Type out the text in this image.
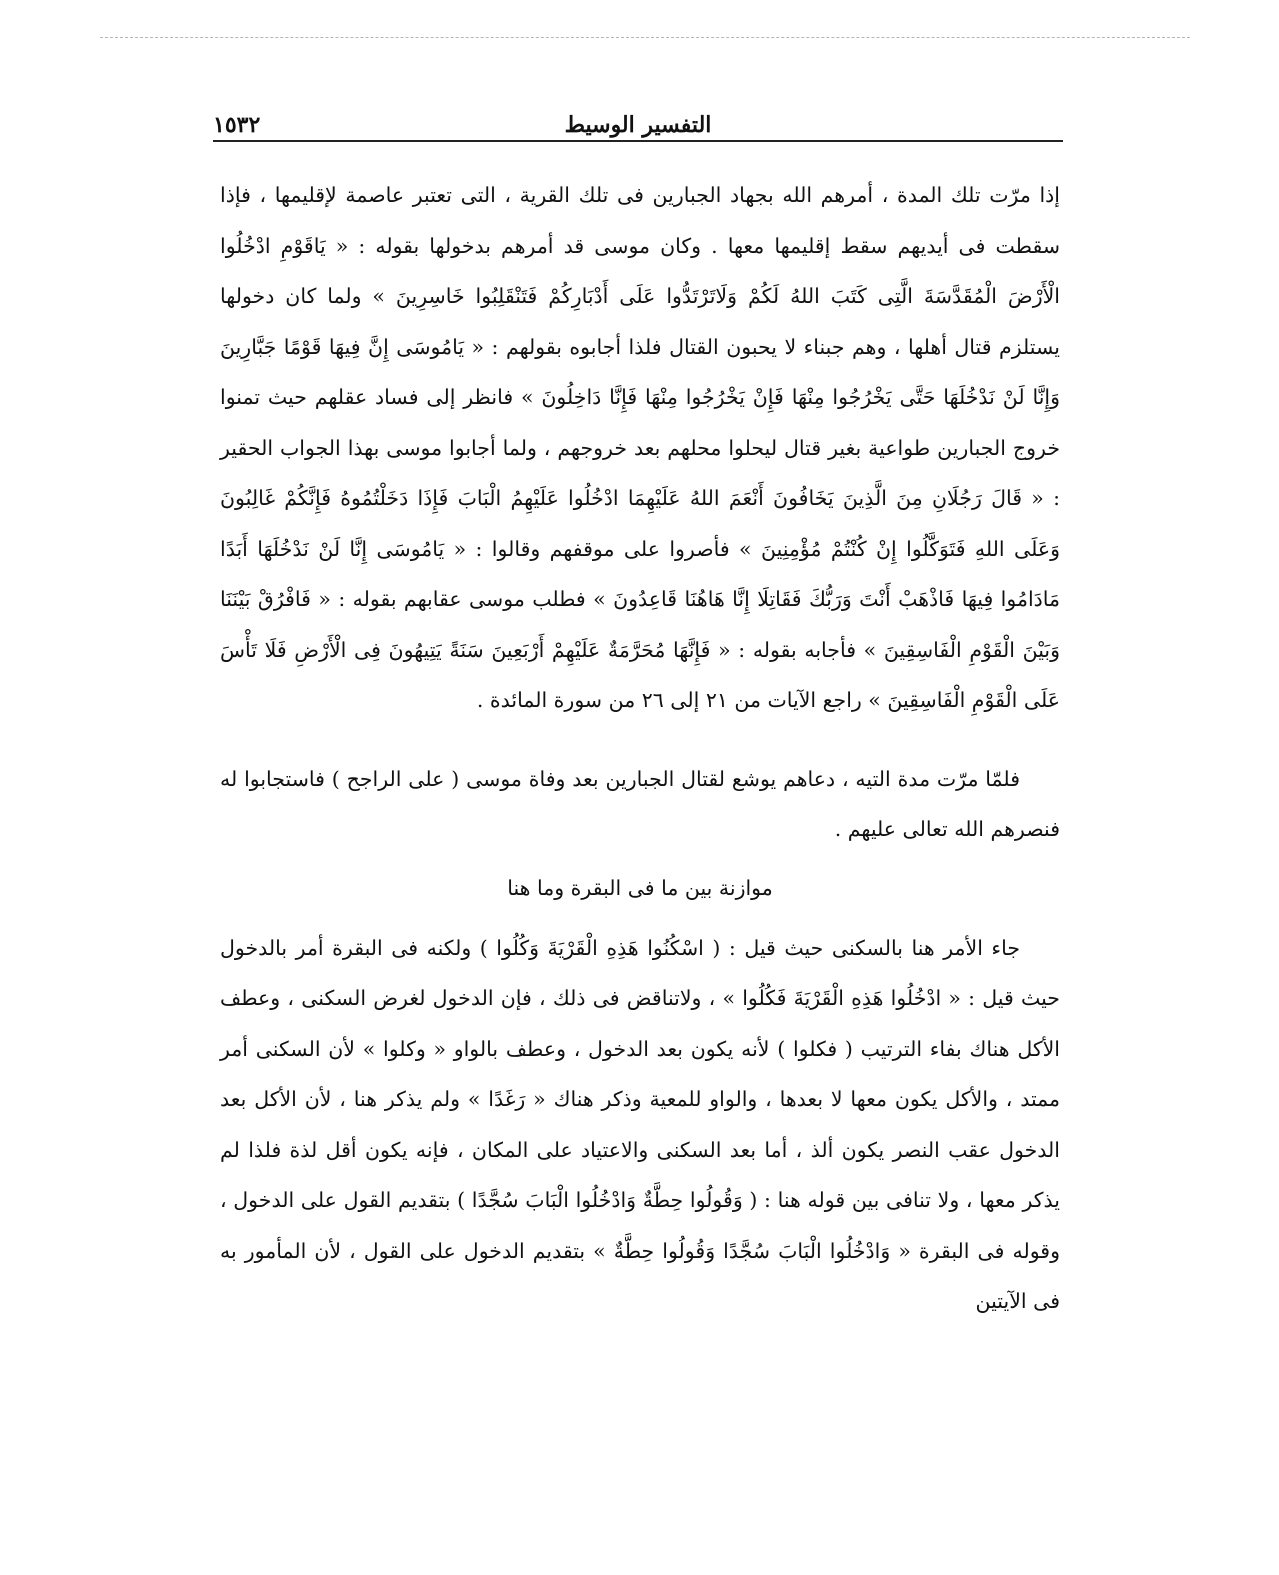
١٥٣٢	التفسير الوسيط

إذا مرّت تلك المدة ، أمرهم الله بجهاد الجبارين فى تلك القرية ، التى تعتبر عاصمة لإقليمها ، فإذا سقطت فى أيديهم سقط إقليمها معها . وكان موسى قد أمرهم بدخولها بقوله : « يَاقَوْمِ ادْخُلُوا الْأَرْضَ الْمُقَدَّسَةَ الَّتِى كَتَبَ اللهُ لَكُمْ وَلَاتَرْتَدُّوا عَلَى أَدْبَارِكُمْ فَتَنْقَلِبُوا خَاسِرِينَ » ولما كان دخولها يستلزم قتال أهلها ، وهم جبناء لا يحبون القتال فلذا أجابوه بقولهم : « يَامُوسَى إِنَّ فِيهَا قَوْمًا جَبَّارِينَ وَإِنَّا لَنْ نَدْخُلَهَا حَتَّى يَخْرُجُوا مِنْهَا فَإِنْ يَخْرُجُوا مِنْهَا فَإِنَّا دَاخِلُونَ » فانظر إلى فساد عقلهم حيث تمنوا خروج الجبارين طواعية بغير قتال ليحلوا محلهم بعد خروجهم ، ولما أجابوا موسى بهذا الجواب الحقير : « قَالَ رَجُلَانِ مِنَ الَّذِينَ يَخَافُونَ أَنْعَمَ اللهُ عَلَيْهِمَا ادْخُلُوا عَلَيْهِمُ الْبَابَ فَإِذَا دَخَلْتُمُوهُ فَإِنَّكُمْ غَالِبُونَ وَعَلَى اللهِ فَتَوَكَّلُوا إِنْ كُنْتُمْ مُؤْمِنِينَ » فأصروا على موقفهم وقالوا : « يَامُوسَى إِنَّا لَنْ نَدْخُلَهَا أَبَدًا مَادَامُوا فِيهَا فَاذْهَبْ أَنْتَ وَرَبُّكَ فَقَاتِلَا إِنَّا هَاهُنَا قَاعِدُونَ » فطلب موسى عقابهم بقوله : « فَافْرُقْ بَيْنَنَا وَبَيْنَ الْقَوْمِ الْفَاسِقِينَ » فأجابه بقوله : « فَإِنَّهَا مُحَرَّمَةٌ عَلَيْهِمْ أَرْبَعِينَ سَنَةً يَتِيهُونَ فِى الْأَرْضِ فَلَا تَأْسَ عَلَى الْقَوْمِ الْفَاسِقِينَ » راجع الآيات من ٢١ إلى ٢٦ من سورة المائدة .

فلمّا مرّت مدة التيه ، دعاهم يوشع لقتال الجبارين بعد وفاة موسى ( على الراجح ) فاستجابوا له فنصرهم الله تعالى عليهم .

موازنة بين ما فى البقرة وما هنا

جاء الأمر هنا بالسكنى حيث قيل : ( اسْكُنُوا هَذِهِ الْقَرْيَةَ وَكُلُوا ) ولكنه فى البقرة أمر بالدخول حيث قيل : « ادْخُلُوا هَذِهِ الْقَرْيَةَ فَكُلُوا » ، ولاتناقض فى ذلك ، فإن الدخول لغرض السكنى ، وعطف الأكل هناك بفاء الترتيب ( فكلوا ) لأنه يكون بعد الدخول ، وعطف بالواو « وكلوا » لأن السكنى أمر ممتد ، والأكل يكون معها لا بعدها ، والواو للمعية وذكر هناك « رَغَدًا » ولم يذكر هنا ، لأن الأكل بعد الدخول عقب النصر يكون ألذ ، أما بعد السكنى والاعتياد على المكان ، فإنه يكون أقل لذة فلذا لم يذكر معها ، ولا تنافى بين قوله هنا : ( وَقُولُوا حِطَّةٌ وَادْخُلُوا الْبَابَ سُجَّدًا ) بتقديم القول على الدخول ، وقوله فى البقرة « وَادْخُلُوا الْبَابَ سُجَّدًا وَقُولُوا حِطَّةٌ » بتقديم الدخول على القول ، لأن المأمور به فى الآيتين
